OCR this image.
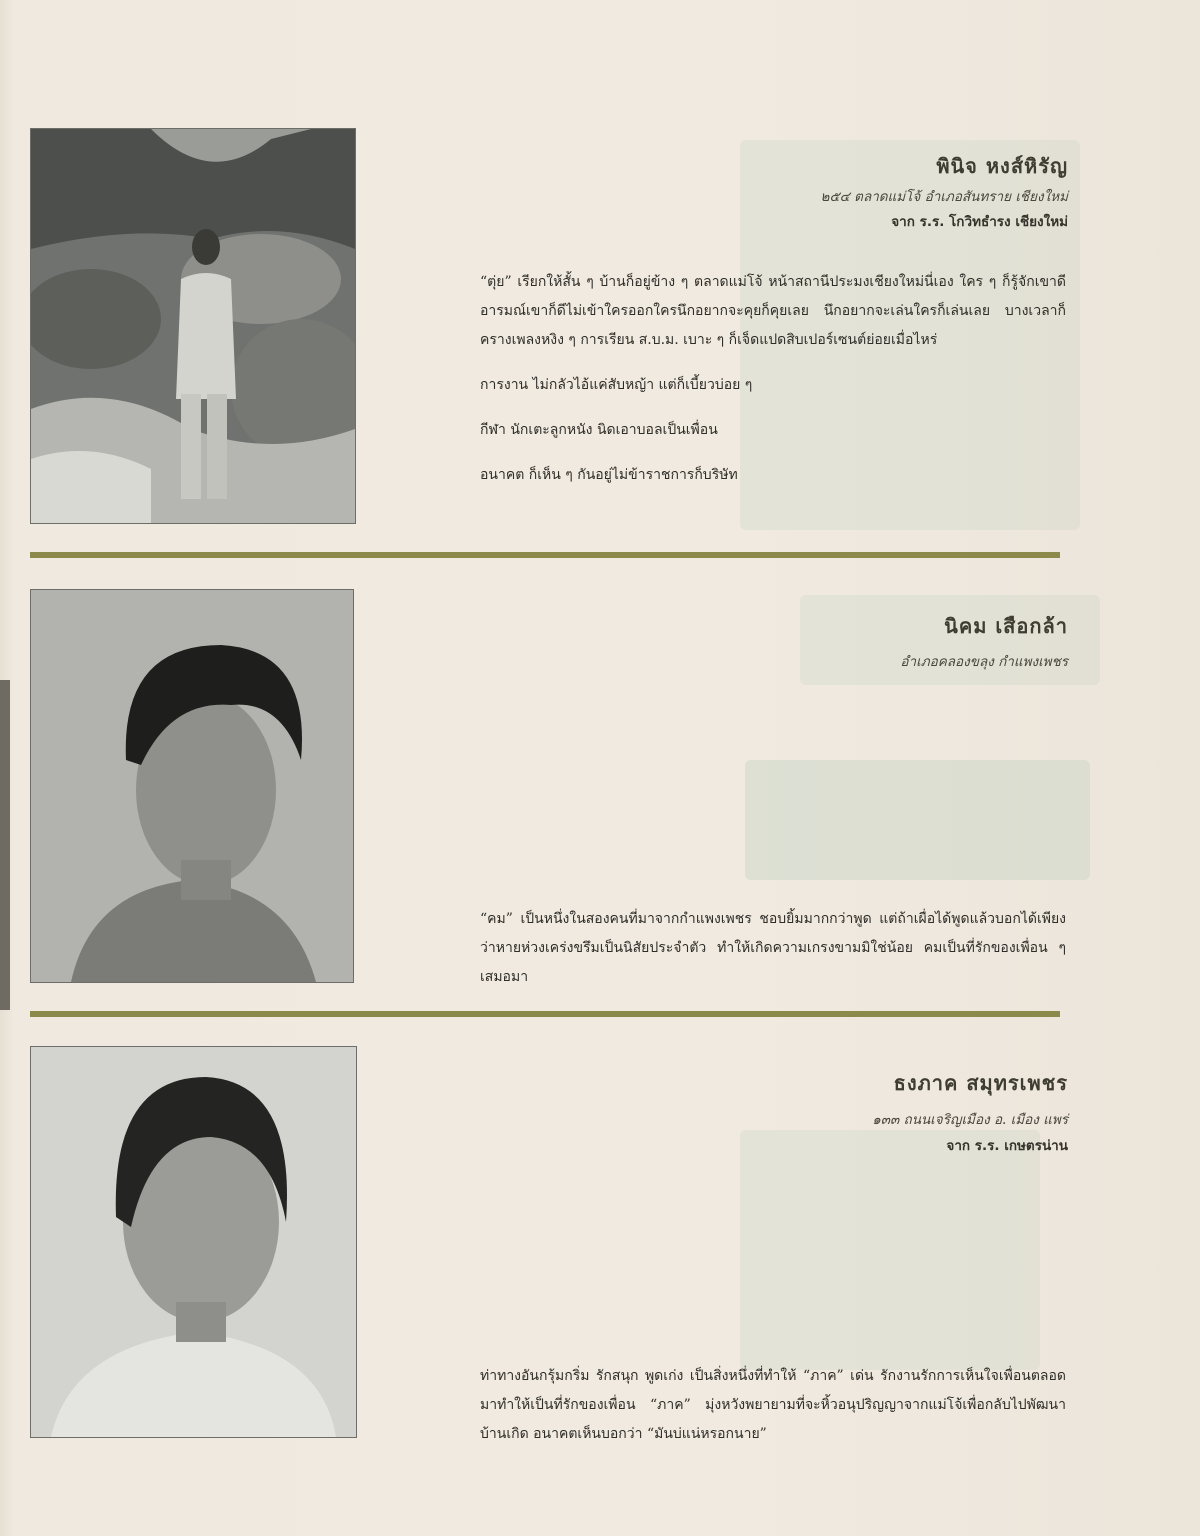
พินิจ หงส์หิรัญ
๒๕๔ ตลาดแม่โจ้ อำเภอสันทราย เชียงใหม่
จาก ร.ร. โกวิทธำรง เชียงใหม่

“ตุ่ย” เรียกให้สั้น ๆ บ้านก็อยู่ข้าง ๆ ตลาดแม่โจ้ หน้าสถานีประมงเชียงใหม่นี่เอง ใคร ๆ ก็รู้จักเขาดี อารมณ์เขาก็ดีไม่เข้าใครออกใครนึกอยากจะคุยก็คุยเลย นึกอยากจะเล่นใครก็เล่นเลย บางเวลาก็ครางเพลงหงิง ๆ การเรียน ส.บ.ม. เบาะ ๆ ก็เจ็ดแปดสิบเปอร์เซนต์ย่อยเมื่อไหร่

การงาน ไม่กลัวไอ้แค่สับหญ้า แต่ก็เบี้ยวบ่อย ๆ

กีฬา นักเตะลูกหนัง นิดเอาบอลเป็นเพื่อน

อนาคต ก็เห็น ๆ กันอยู่ไม่ข้าราชการก็บริษัท

นิคม เสือกล้า
อำเภอคลองขลุง กำแพงเพชร

“คม” เป็นหนึ่งในสองคนที่มาจากกำแพงเพชร ชอบยิ้มมากกว่าพูด แต่ถ้าเผื่อได้พูดแล้วบอกได้เพียงว่าหายห่วงเคร่งขรึมเป็นนิสัยประจำตัว ทำให้เกิดความเกรงขามมิใช่น้อย คมเป็นที่รักของเพื่อน ๆ เสมอมา

ธงภาค สมุทรเพชร
๑๓๓ ถนนเจริญเมือง อ. เมือง แพร่
จาก ร.ร. เกษตรน่าน

ท่าทางอันกรุ้มกริ่ม รักสนุก พูดเก่ง เป็นสิ่งหนึ่งที่ทำให้ “ภาค” เด่น รักงานรักการเห็นใจเพื่อนตลอดมาทำให้เป็นที่รักของเพื่อน “ภาค” มุ่งหวังพยายามที่จะหิ้วอนุปริญญาจากแม่โจ้เพื่อกลับไปพัฒนาบ้านเกิด อนาคตเห็นบอกว่า “มันบ่แน่หรอกนาย”
